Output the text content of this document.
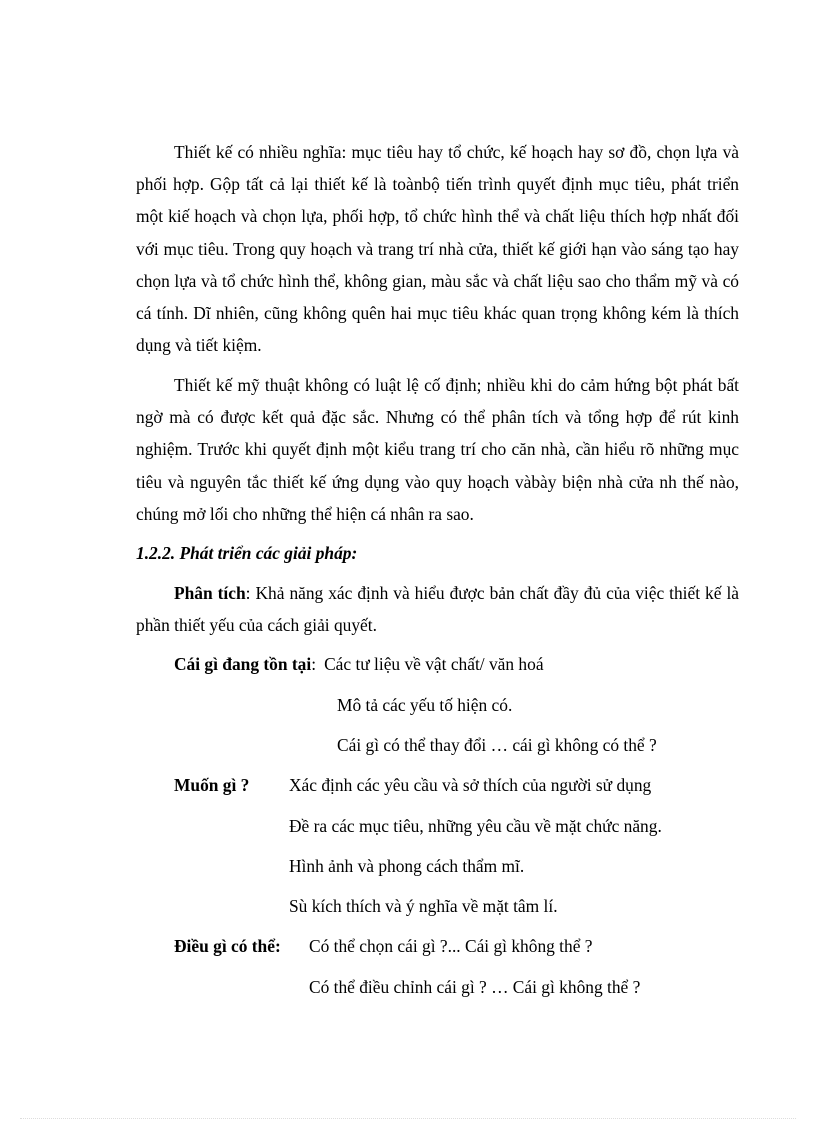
Thiết kế có nhiều nghĩa: mục tiêu hay tổ chức, kế hoạch hay sơ đồ, chọn lựa và phối hợp. Gộp tất cả lại thiết kế là toànbộ tiến trình quyết định mục tiêu, phát triển một kiế hoạch và chọn lựa, phối hợp, tổ chức hình thể và chất liệu thích hợp nhất đối với mục tiêu. Trong quy hoạch và trang trí nhà cửa, thiết kế giới hạn vào sáng tạo hay chọn lựa và tổ chức hình thể, không gian, màu sắc và chất liệu sao cho thẩm mỹ và có cá tính. Dĩ nhiên, cũng không quên hai mục tiêu khác quan trọng không kém là thích dụng và tiết kiệm.

Thiết kế mỹ thuật không có luật lệ cố định; nhiều khi do cảm hứng bột phát bất ngờ mà có được kết quả đặc sắc. Nhưng có thể phân tích và tổng hợp để rút kinh nghiệm. Trước khi quyết định một kiểu trang trí cho căn nhà, cần hiểu rõ những mục tiêu và nguyên tắc thiết kế ứng dụng vào quy hoạch vàbày biện nhà cửa nh thế nào, chúng mở lối cho những thể hiện cá nhân ra sao.

1.2.2. Phát triển các giải pháp:

Phân tích: Khả năng xác định và hiểu được bản chất đầy đủ của việc thiết kế là phần thiết yếu của cách giải quyết.

Cái gì đang tồn tại: Các tư liệu về vật chất/ văn hoá

Mô tả các yếu tố hiện có.

Cái gì có thể thay đổi … cái gì không có thể ?

Muốn gì ? Xác định các yêu cầu và sở thích của người sử dụng

Đề ra các mục tiêu, những yêu cầu về mặt chức năng.

Hình ảnh và phong cách thẩm mĩ.

Sù kích thích và ý nghĩa về mặt tâm lí.

Điều gì có thể: Có thể chọn cái gì ?... Cái gì không thể ?

Có thể điều chỉnh cái gì ? … Cái gì không thể ?
